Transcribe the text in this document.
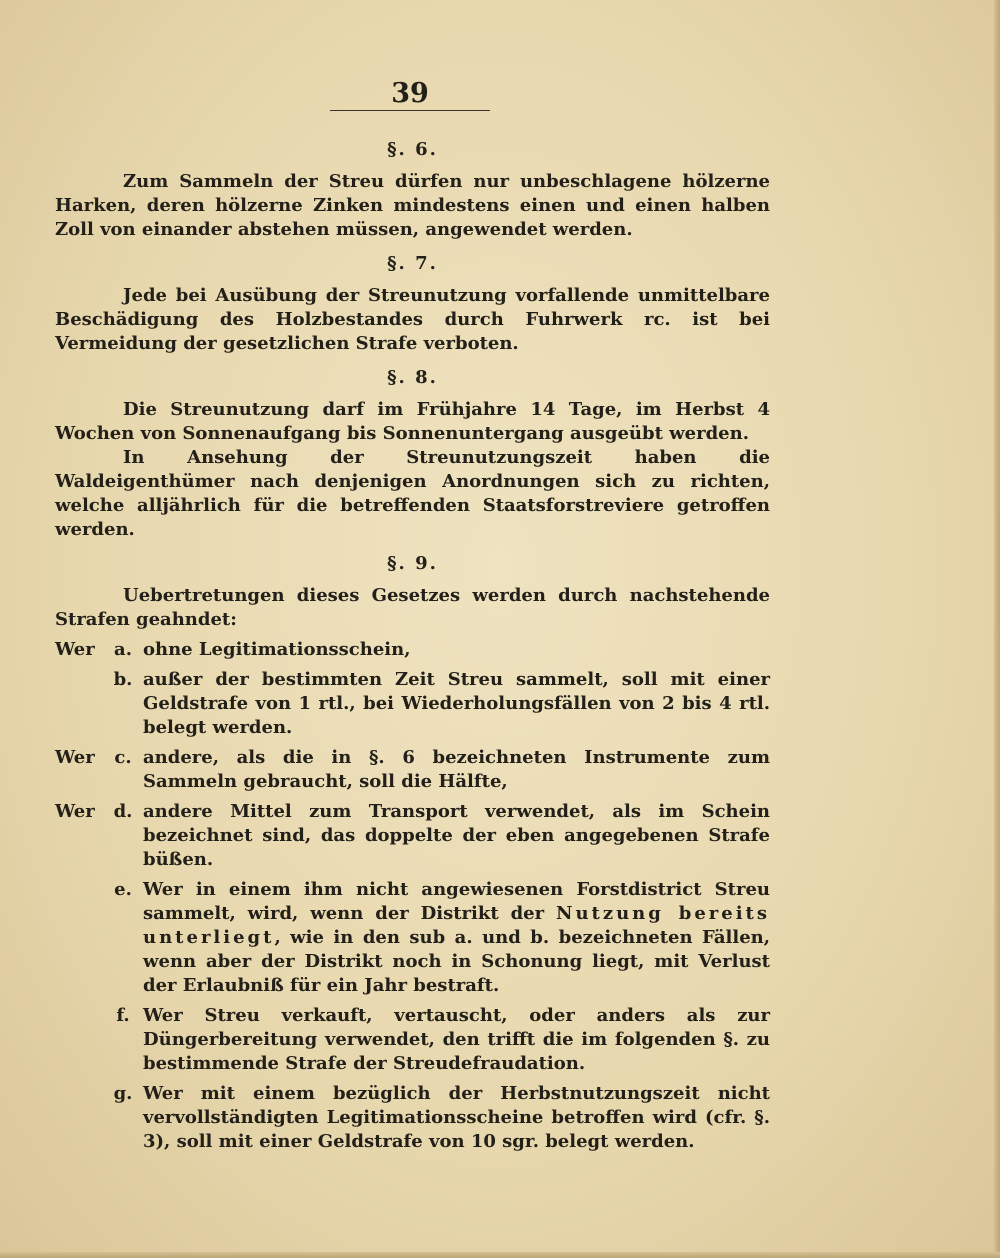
39
§. 6.

Zum Sammeln der Streu dürfen nur unbeschlagene hölzerne Harken, deren hölzerne Zinken mindestens einen und einen halben Zoll von einander abstehen müssen, angewendet werden.

§. 7.

Jede bei Ausübung der Streunutzung vorfallende unmittelbare Beschädigung des Holzbestandes durch Fuhrwerk rc. ist bei Vermeidung der gesetzlichen Strafe verboten.

§. 8.

Die Streunutzung darf im Frühjahre 14 Tage, im Herbst 4 Wochen von Sonnenaufgang bis Sonnenuntergang ausgeübt werden.

In Ansehung der Streunutzungszeit haben die Waldeigenthümer nach denjenigen Anordnungen sich zu richten, welche alljährlich für die betreffenden Staatsforstreviere getroffen werden.

§. 9.

Uebertretungen dieses Gesetzes werden durch nachstehende Strafen geahndet:

Wer	a. ohne Legitimationsschein,
b. außer der bestimmten Zeit Streu sammelt, soll mit einer Geldstrafe von 1 rtl., bei Wiederholungsfällen von 2 bis 4 rtl. belegt werden.
Wer	c. andere, als die in §. 6 bezeichneten Instrumente zum Sammeln gebraucht, soll die Hälfte,
Wer	d. andere Mittel zum Transport verwendet, als im Schein bezeichnet sind, das doppelte der eben angegebenen Strafe büßen.
e. Wer in einem ihm nicht angewiesenen Forstdistrict Streu sammelt, wird, wenn der Distrikt der Nutzung bereits unterliegt, wie in den sub a. und b. bezeichneten Fällen, wenn aber der Distrikt noch in Schonung liegt, mit Verlust der Erlaubniß für ein Jahr bestraft.
f. Wer Streu verkauft, vertauscht, oder anders als zur Düngerbereitung verwendet, den trifft die im folgenden §. zu bestimmende Strafe der Streudefraudation.
g. Wer mit einem bezüglich der Herbstnutzungszeit nicht vervollständigten Legitimationsscheine betroffen wird (cfr. §. 3), soll mit einer Geldstrafe von 10 sgr. belegt werden.
